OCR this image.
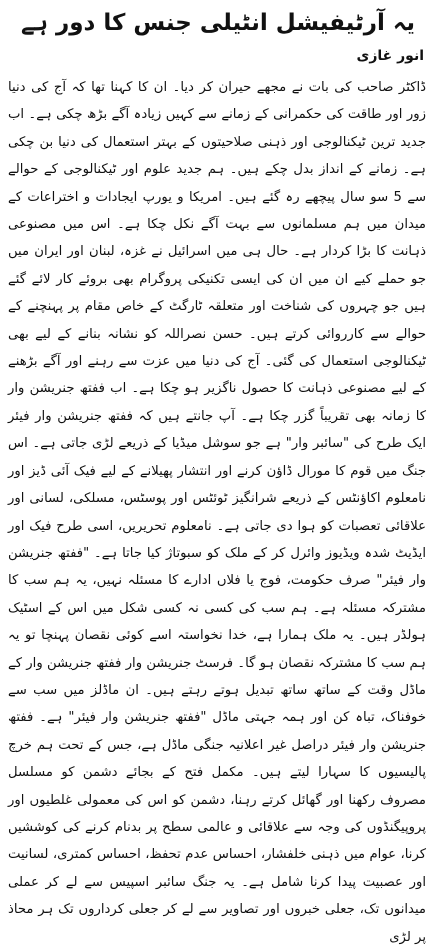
یہ آرٹیفیشل انٹیلی جنس کا دور ہے
انور غازی

ڈاکٹر صاحب کی بات نے مجھے حیران کر دیا۔ ان کا کہنا تھا کہ آج کی دنیا زور اور طاقت کی حکمرانی کے زمانے سے کہیں زیادہ آگے بڑھ چکی ہے۔ اب جدید ترین ٹیکنالوجی اور ذہنی صلاحیتوں کے بہتر استعمال کی دنیا بن چکی ہے۔ زمانے کے انداز بدل چکے ہیں۔ ہم جدید علوم اور ٹیکنالوجی کے حوالے سے 5 سو سال پیچھے رہ گئے ہیں۔ امریکا و یورپ ایجادات و اختراعات کے میدان میں ہم مسلمانوں سے بہت آگے نکل چکا ہے۔ اس میں مصنوعی ذہانت کا بڑا کردار ہے۔ حال ہی میں اسرائیل نے غزہ، لبنان اور ایران میں جو حملے کیے ان میں ان کی ایسی تکنیکی پروگرام بھی بروئے کار لائے گئے ہیں جو چہروں کی شناخت اور متعلقہ ٹارگٹ کے خاص مقام پر پہنچنے کے حوالے سے کارروائی کرتے ہیں۔ حسن نصراللہ کو نشانہ بنانے کے لیے بھی ٹیکنالوجی استعمال کی گئی۔ آج کی دنیا میں عزت سے رہنے اور آگے بڑھنے کے لیے مصنوعی ذہانت کا حصول ناگزیر ہو چکا ہے۔ اب ففتھ جنریشن وار کا زمانہ بھی تقریباً گزر چکا ہے۔ آپ جانتے ہیں کہ ففتھ جنریشن وار فیئر ایک طرح کی "سائبر وار" ہے جو سوشل میڈیا کے ذریعے لڑی جاتی ہے۔ اس جنگ میں قوم کا مورال ڈاؤن کرنے اور انتشار پھیلانے کے لیے فیک آئی ڈیز اور نامعلوم اکاؤنٹس کے ذریعے شرانگیز ٹوئٹس اور پوسٹس، مسلکی، لسانی اور علاقائی تعصبات کو ہوا دی جاتی ہے۔ نامعلوم تحریریں، اسی طرح فیک اور ایڈیٹ شدہ ویڈیوز وائرل کر کے ملک کو سبوتاژ کیا جاتا ہے۔ "ففتھ جنریشن وار فیئر" صرف حکومت، فوج یا فلاں ادارے کا مسئلہ نہیں، یہ ہم سب کا مشترکہ مسئلہ ہے۔ ہم سب کی کسی نہ کسی شکل میں اس کے اسٹیک ہولڈر ہیں۔ یہ ملک ہمارا ہے، خدا نخواستہ اسے کوئی نقصان پہنچا تو یہ ہم سب کا مشترکہ نقصان ہو گا۔ فرسٹ جنریشن وار ففتھ جنریشن وار کے ماڈل وقت کے ساتھ ساتھ تبدیل ہوتے رہتے ہیں۔ ان ماڈلز میں سب سے خوفناک، تباہ کن اور ہمہ جہتی ماڈل "ففتھ جنریشن وار فیئر" ہے۔ ففتھ جنریشن وار فیئر دراصل غیر اعلانیہ جنگی ماڈل ہے، جس کے تحت ہم خرچ پالیسیوں کا سہارا لیتے ہیں۔ مکمل فتح کے بجائے دشمن کو مسلسل مصروف رکھنا اور گھائل کرتے رہنا، دشمن کو اس کی معمولی غلطیوں اور پروپیگنڈوں کی وجہ سے علاقائی و عالمی سطح پر بدنام کرنے کی کوششیں کرنا، عوام میں ذہنی خلفشار، احساس عدم تحفظ، احساس کمتری، لسانیت اور عصبیت پیدا کرنا شامل ہے۔ یہ جنگ سائبر اسپیس سے لے کر عملی میدانوں تک، جعلی خبروں اور تصاویر سے لے کر جعلی کرداروں تک ہر محاذ پر لڑی
